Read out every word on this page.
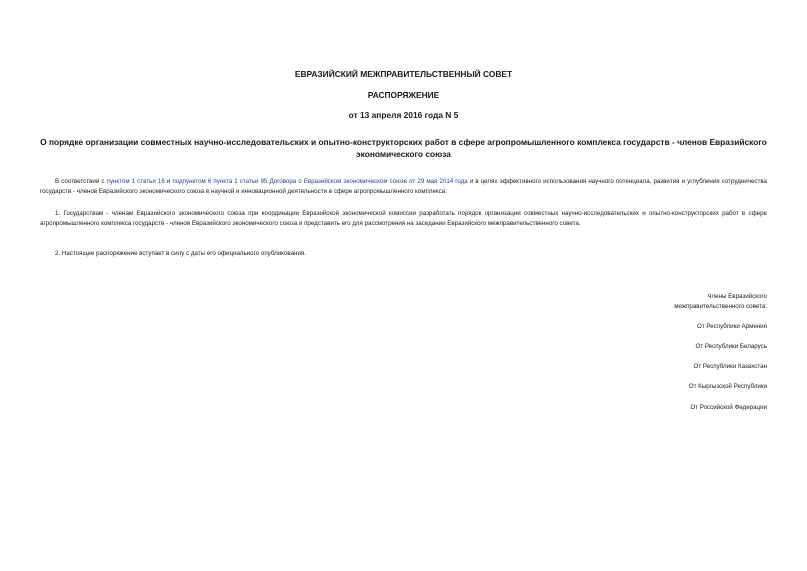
ЕВРАЗИЙСКИЙ МЕЖПРАВИТЕЛЬСТВЕННЫЙ СОВЕТ
РАСПОРЯЖЕНИЕ
от 13 апреля 2016 года N 5
О порядке организации совместных научно-исследовательских и опытно-конструкторских работ в сфере агропромышленного комплекса государств - членов Евразийского экономического союза
В соответствии с пунктом 1 статьи 16 и подпунктом 6 пункта 1 статьи 95 Договора о Евразийском экономическом союзе от 29 мая 2014 года и в целях эффективного использования научного потенциала, развития и углубления сотрудничества государств - членов Евразийского экономического союза в научной и инновационной деятельности в сфере агропромышленного комплекса:
1. Государствам - членам Евразийского экономического союза при координации Евразийской экономической комиссии разработать порядок организации совместных научно-исследовательских и опытно-конструкторских работ в сфере агропромышленного комплекса государств - членов Евразийского экономического союза и представить его для рассмотрения на заседании Евразийского межправительственного совета.
2. Настоящее распоряжение вступает в силу с даты его официального опубликования.
Члены Евразийского
межправительственного совета:
От Республики Армения
От Республики Беларусь
От Республики Казахстан
От Кыргызской Республики
От Российской Федерации
